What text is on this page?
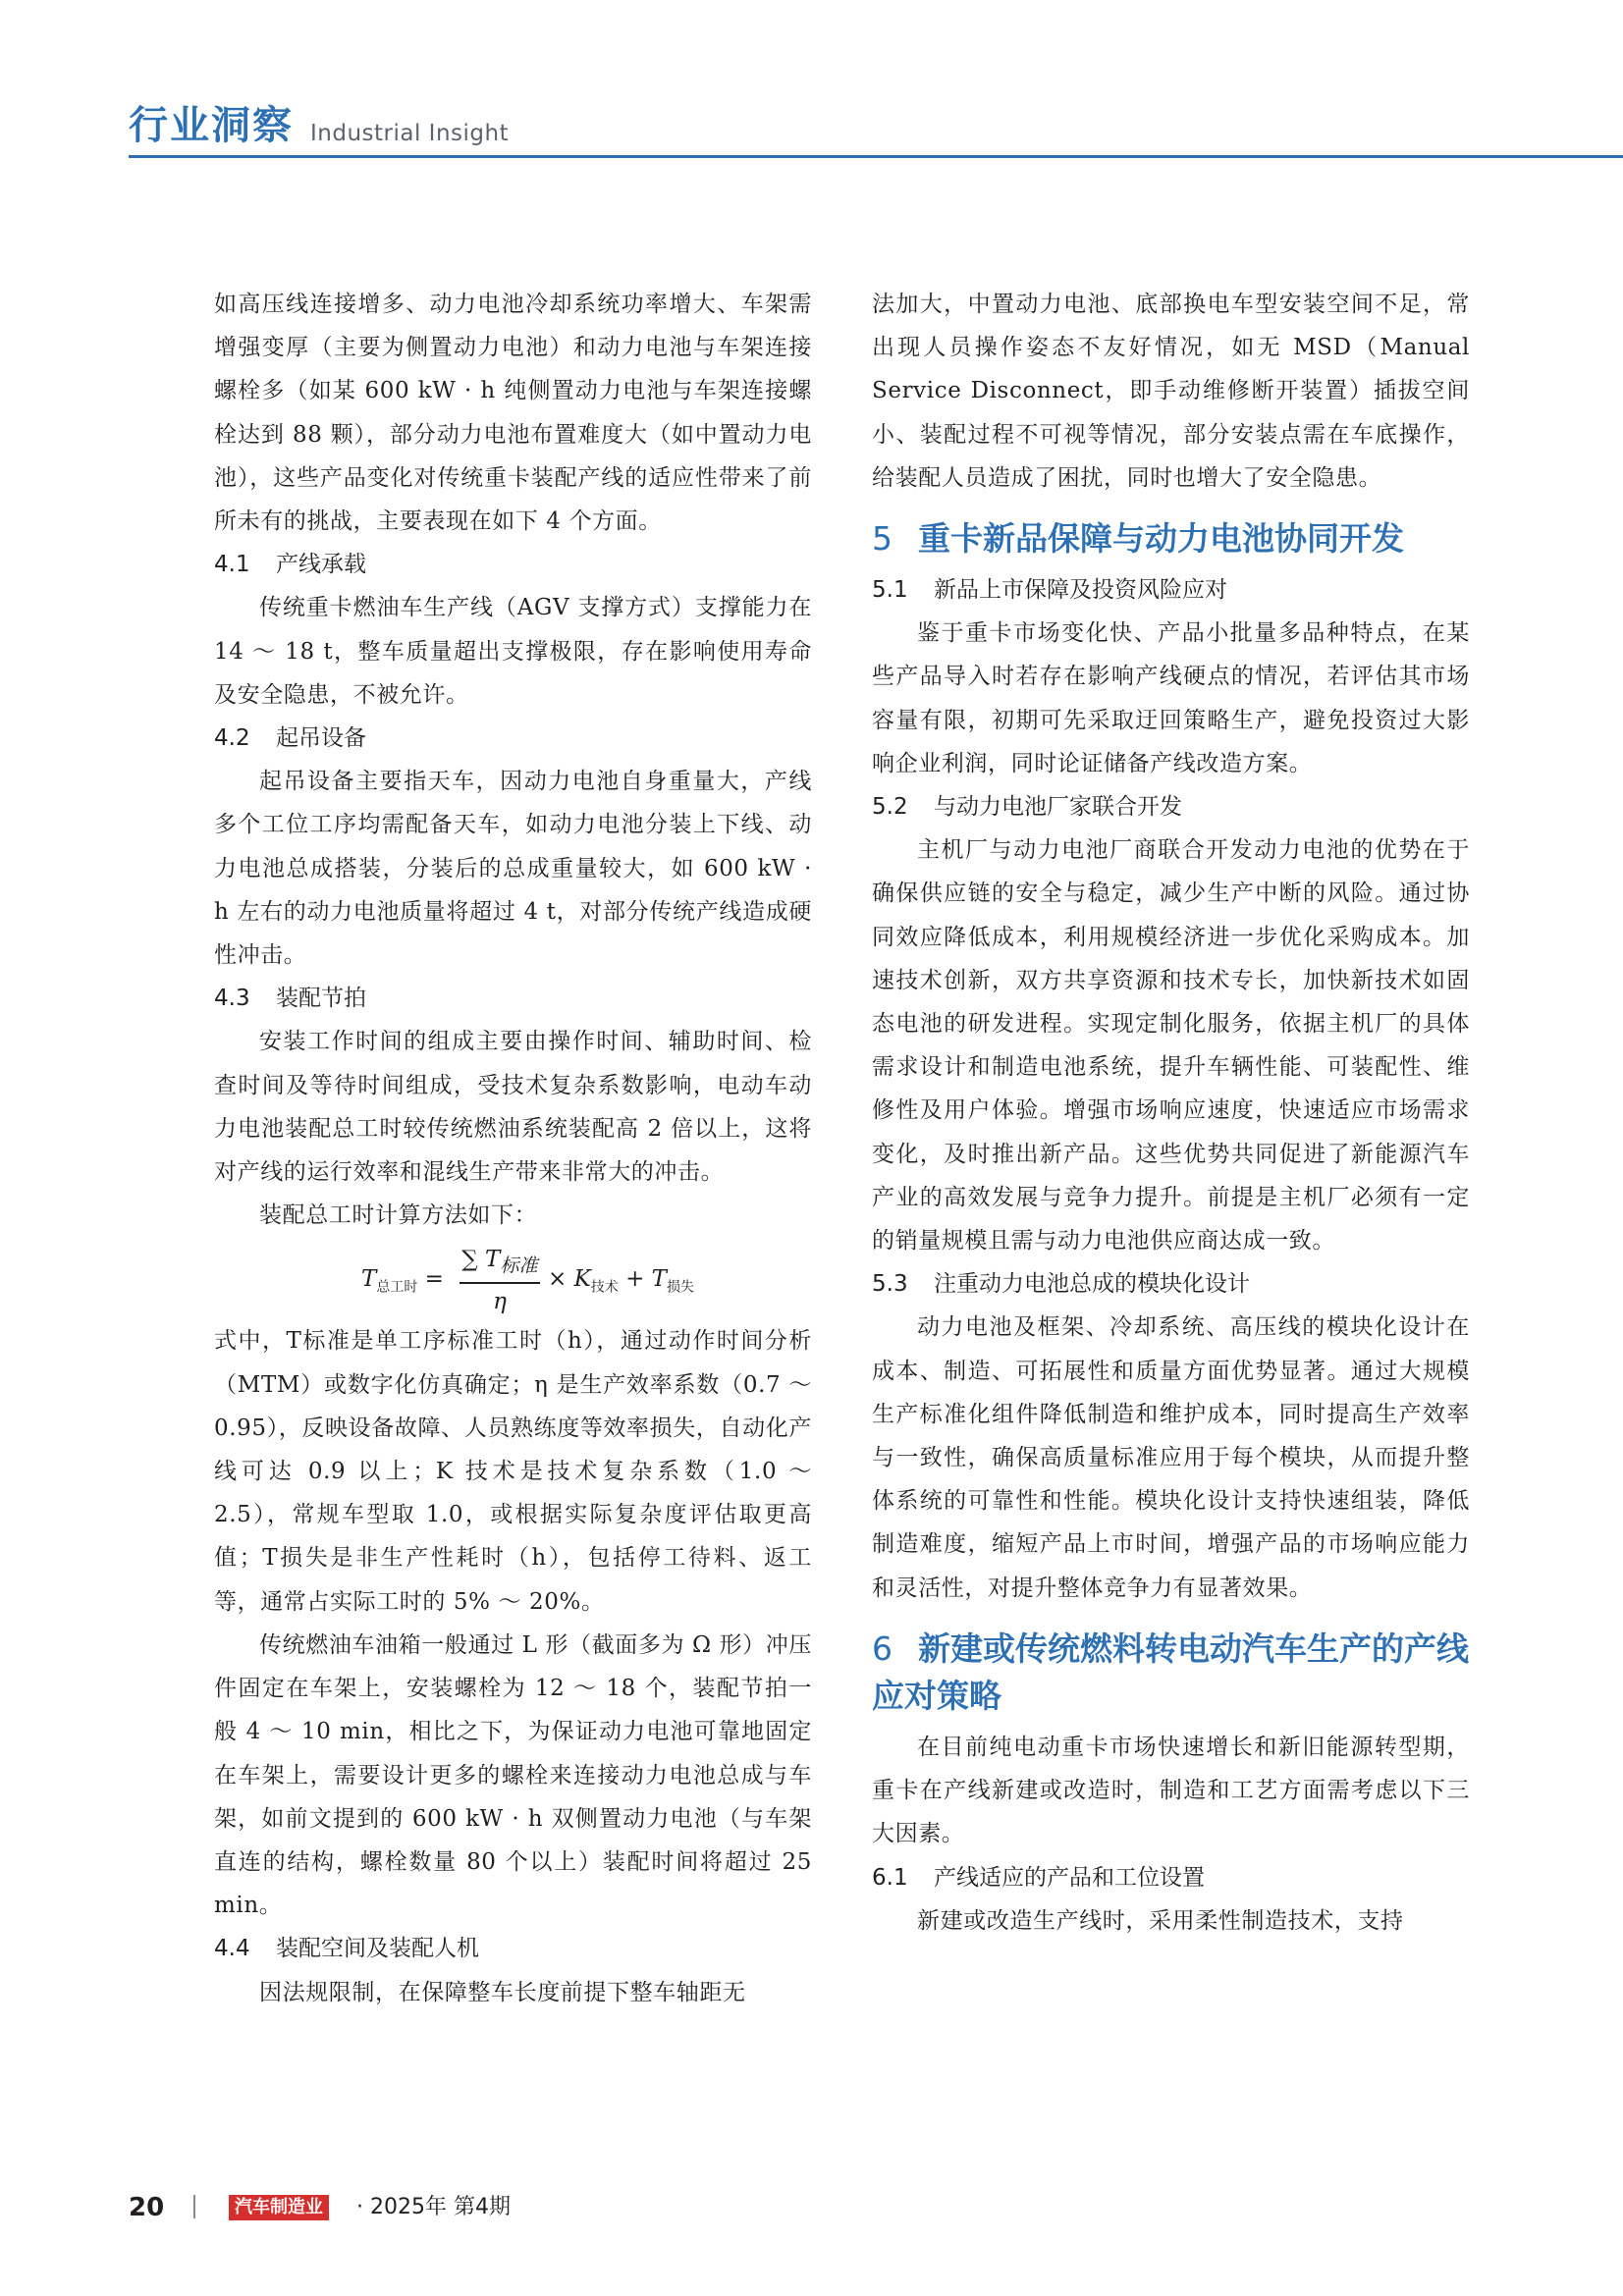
行业洞察 Industrial Insight

如高压线连接增多、动力电池冷却系统功率增大、车架需增强变厚（主要为侧置动力电池）和动力电池与车架连接螺栓多（如某 600 kW · h 纯侧置动力电池与车架连接螺栓达到 88 颗），部分动力电池布置难度大（如中置动力电池），这些产品变化对传统重卡装配产线的适应性带来了前所未有的挑战，主要表现在如下 4 个方面。

4.1 产线承载

传统重卡燃油车生产线（AGV 支撑方式）支撑能力在 14 ～ 18 t，整车质量超出支撑极限，存在影响使用寿命及安全隐患，不被允许。

4.2 起吊设备

起吊设备主要指天车，因动力电池自身重量大，产线多个工位工序均需配备天车，如动力电池分装上下线、动力电池总成搭装，分装后的总成重量较大，如 600 kW · h 左右的动力电池质量将超过 4 t，对部分传统产线造成硬性冲击。

4.3 装配节拍

安装工作时间的组成主要由操作时间、辅助时间、检查时间及等待时间组成，受技术复杂系数影响，电动车动力电池装配总工时较传统燃油系统装配高 2 倍以上，这将对产线的运行效率和混线生产带来非常大的冲击。

装配总工时计算方法如下：

$T_{总工时}$ =
∑ $T_{标准}$
η
× $K_{技术} + T_{损失}$

式中，T标准是单工序标准工时（h），通过动作时间分析（MTM）或数字化仿真确定；η 是生产效率系数（0.7 ～ 0.95），反映设备故障、人员熟练度等效率损失，自动化产线可达 0.9 以上；K 技术是技术复杂系数（1.0 ～ 2.5），常规车型取 1.0，或根据实际复杂度评估取更高值；T损失是非生产性耗时（h），包括停工待料、返工等，通常占实际工时的 5% ～ 20%。

传统燃油车油箱一般通过 L 形（截面多为 Ω 形）冲压件固定在车架上，安装螺栓为 12 ～ 18 个，装配节拍一般 4 ～ 10 min，相比之下，为保证动力电池可靠地固定在车架上，需要设计更多的螺栓来连接动力电池总成与车架，如前文提到的 600 kW · h 双侧置动力电池（与车架直连的结构，螺栓数量 80 个以上）装配时间将超过 25 min。

4.4 装配空间及装配人机

因法规限制，在保障整车长度前提下整车轴距无

法加大，中置动力电池、底部换电车型安装空间不足，常出现人员操作姿态不友好情况，如无 MSD（Manual Service Disconnect，即手动维修断开装置）插拔空间小、装配过程不可视等情况，部分安装点需在车底操作，给装配人员造成了困扰，同时也增大了安全隐患。

5 重卡新品保障与动力电池协同开发
5.1 新品上市保障及投资风险应对

鉴于重卡市场变化快、产品小批量多品种特点，在某些产品导入时若存在影响产线硬点的情况，若评估其市场容量有限，初期可先采取迂回策略生产，避免投资过大影响企业利润，同时论证储备产线改造方案。

5.2 与动力电池厂家联合开发

主机厂与动力电池厂商联合开发动力电池的优势在于确保供应链的安全与稳定，减少生产中断的风险。通过协同效应降低成本，利用规模经济进一步优化采购成本。加速技术创新，双方共享资源和技术专长，加快新技术如固态电池的研发进程。实现定制化服务，依据主机厂的具体需求设计和制造电池系统，提升车辆性能、可装配性、维修性及用户体验。增强市场响应速度，快速适应市场需求变化，及时推出新产品。这些优势共同促进了新能源汽车产业的高效发展与竞争力提升。前提是主机厂必须有一定的销量规模且需与动力电池供应商达成一致。

5.3 注重动力电池总成的模块化设计

动力电池及框架、冷却系统、高压线的模块化设计在成本、制造、可拓展性和质量方面优势显著。通过大规模生产标准化组件降低制造和维护成本，同时提高生产效率与一致性，确保高质量标准应用于每个模块，从而提升整体系统的可靠性和性能。模块化设计支持快速组装，降低制造难度，缩短产品上市时间，增强产品的市场响应能力和灵活性，对提升整体竞争力有显著效果。

6 新建或传统燃料转电动汽车生产的产线应对策略

在目前纯电动重卡市场快速增长和新旧能源转型期，重卡在产线新建或改造时，制造和工艺方面需考虑以下三大因素。

6.1 产线适应的产品和工位设置

新建或改造生产线时，采用柔性制造技术，支持

20	汽车制造业 · 2025年 第4期
